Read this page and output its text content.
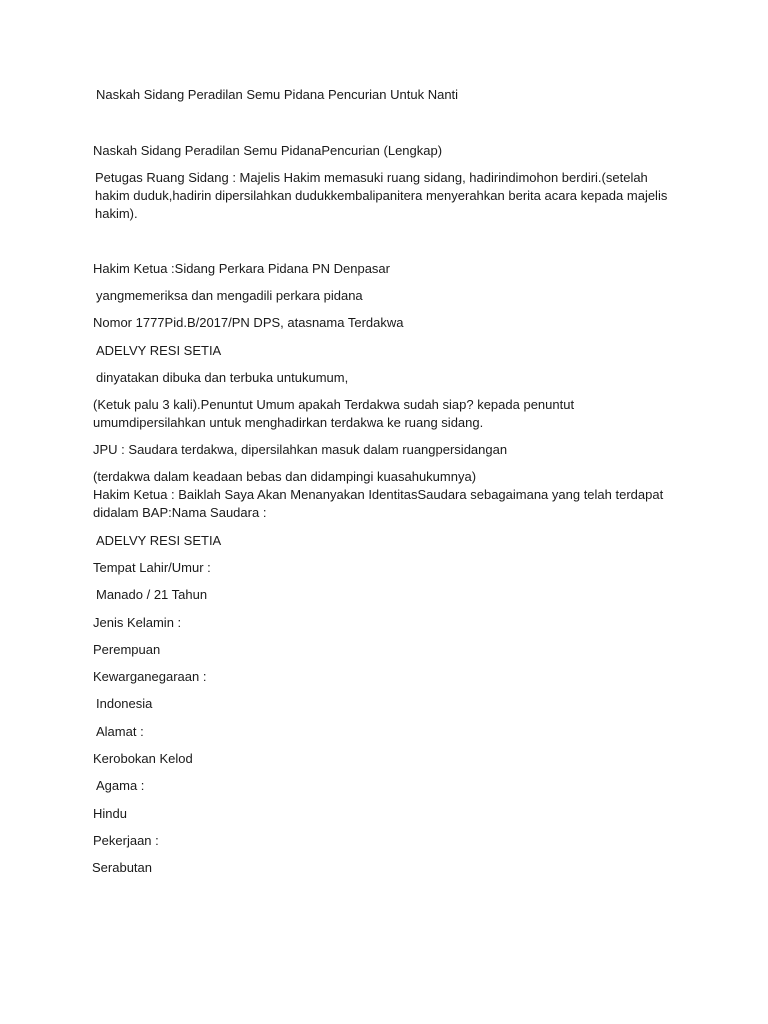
Naskah Sidang Peradilan Semu Pidana Pencurian Untuk Nanti
Naskah Sidang Peradilan Semu PidanaPencurian (Lengkap)
Petugas Ruang Sidang : Majelis Hakim memasuki ruang sidang, hadirindimohon berdiri.(setelah hakim duduk,hadirin dipersilahkan dudukkembalipanitera menyerahkan berita acara kepada majelis hakim).
Hakim Ketua :Sidang Perkara Pidana PN Denpasar
yangmemeriksa dan mengadili perkara pidana
Nomor 1777Pid.B/2017/PN DPS, atasnama Terdakwa
ADELVY RESI SETIA
dinyatakan dibuka dan terbuka untukumum,
(Ketuk palu 3 kali).Penuntut Umum apakah Terdakwa sudah siap? kepada penuntut umumdipersilahkan untuk menghadirkan terdakwa ke ruang sidang.
JPU : Saudara terdakwa, dipersilahkan masuk dalam ruangpersidangan
(terdakwa dalam keadaan bebas dan didampingi kuasahukumnya)
Hakim Ketua : Baiklah Saya Akan Menanyakan IdentitasSaudara sebagaimana yang telah terdapat didalam BAP:Nama Saudara :
ADELVY RESI SETIA
Tempat Lahir/Umur :
Manado / 21 Tahun
Jenis Kelamin :
Perempuan
Kewarganegaraan :
Indonesia
Alamat :
Kerobokan Kelod
Agama :
Hindu
Pekerjaan :
Serabutan
